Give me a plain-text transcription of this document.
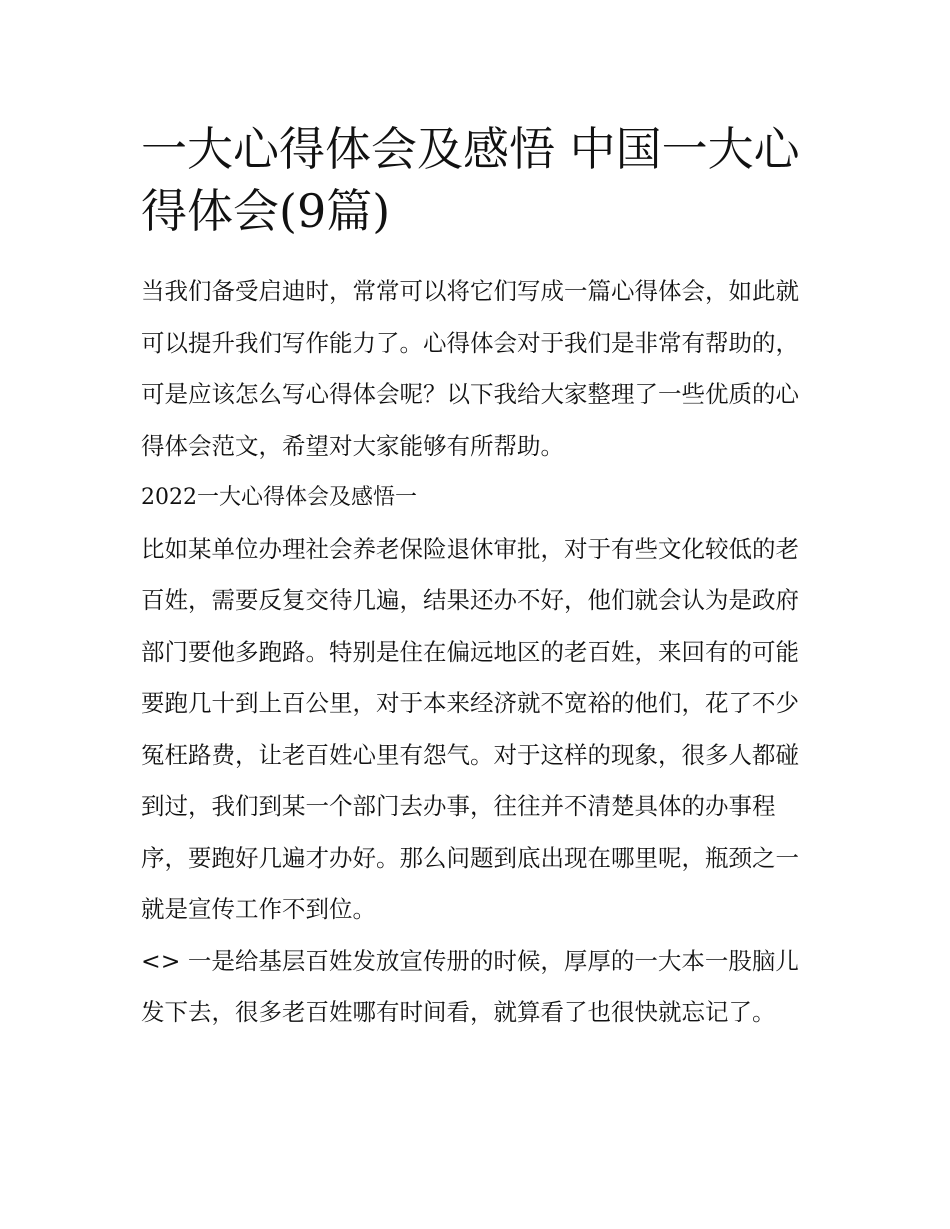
一大心得体会及感悟 中国一大心得体会(9篇)

当我们备受启迪时，常常可以将它们写成一篇心得体会，如此就可以提升我们写作能力了。心得体会对于我们是非常有帮助的，可是应该怎么写心得体会呢？以下我给大家整理了一些优质的心得体会范文，希望对大家能够有所帮助。

2022一大心得体会及感悟一

比如某单位办理社会养老保险退休审批，对于有些文化较低的老百姓，需要反复交待几遍，结果还办不好，他们就会认为是政府部门要他多跑路。特别是住在偏远地区的老百姓，来回有的可能要跑几十到上百公里，对于本来经济就不宽裕的他们，花了不少冤枉路费，让老百姓心里有怨气。对于这样的现象，很多人都碰到过，我们到某一个部门去办事，往往并不清楚具体的办事程序，要跑好几遍才办好。那么问题到底出现在哪里呢，瓶颈之一就是宣传工作不到位。

<> 一是给基层百姓发放宣传册的时候，厚厚的一大本一股脑儿发下去，很多老百姓哪有时间看，就算看了也很快就忘记了。
